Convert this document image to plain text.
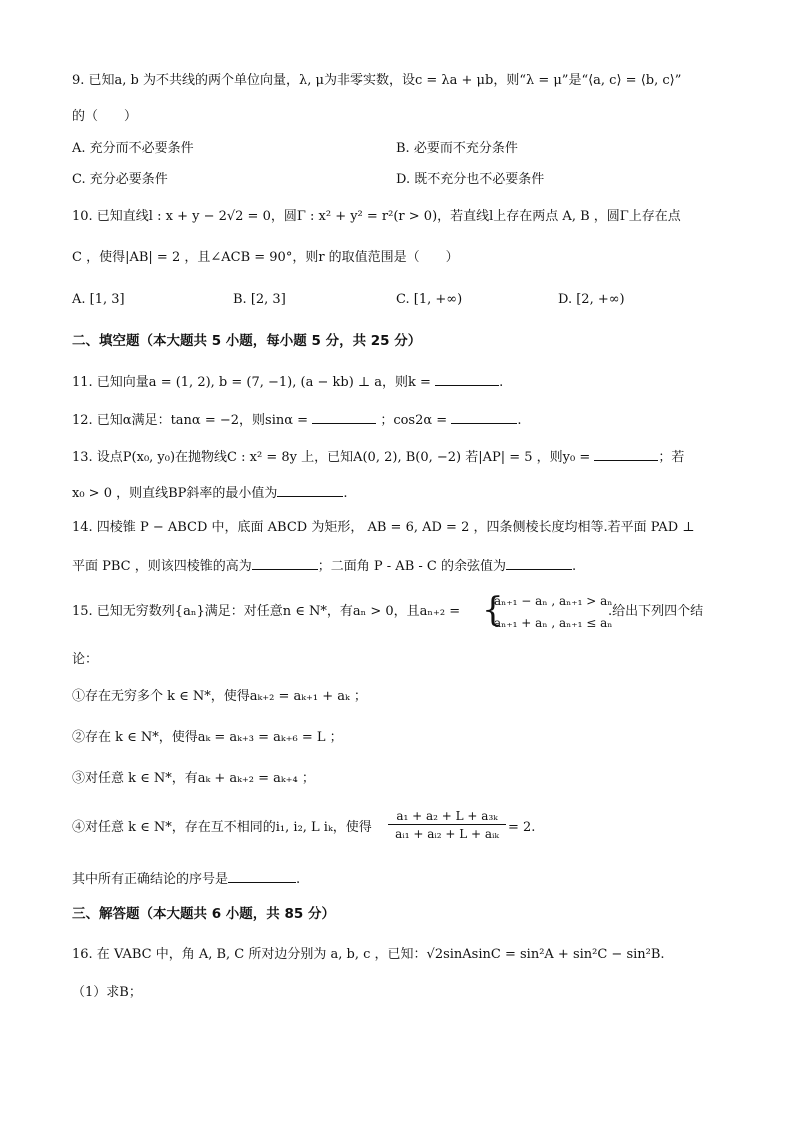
9. 已知a, b 为不共线的两个单位向量，λ, μ为非零实数，设c = λa + μb，则“λ = μ”是“⟨a, c⟩ = ⟨b, c⟩”
的（　　）
A. 充分而不必要条件	B. 必要而不充分条件
C. 充分必要条件	D. 既不充分也不必要条件
10. 已知直线l : x + y − 2√2 = 0，圆Γ : x² + y² = r²(r > 0)，若直线l上存在两点 A, B ，圆Γ上存在点
C ，使得|AB| = 2 ，且∠ACB = 90°，则r 的取值范围是（　　）
A. [1, 3]	B. [2, 3]	C. [1, +∞)	D. [2, +∞)
二、填空题（本大题共 5 小题，每小题 5 分，共 25 分）
11. 已知向量a = (1, 2), b = (7, −1), (a − kb) ⊥ a，则k =	.
12. 已知α满足：tanα = −2，则sinα =	；cos2α =	.
13. 设点P(x₀, y₀)在抛物线C : x² = 8y 上，已知A(0, 2), B(0, −2) 若|AP| = 5 ，则y₀ =	；若
x₀ > 0 ，则直线BP斜率的最小值为	.
14. 四棱锥 P − ABCD 中，底面 ABCD 为矩形， AB = 6, AD = 2 ，四条侧棱长度均相等.若平面 PAD ⊥
平面 PBC ，则该四棱锥的高为	；二面角 P - AB - C 的余弦值为	.
15. 已知无穷数列{aₙ}满足：对任意n ∈ N*，有aₙ > 0，且aₙ₊₂ = {
aₙ₊₁ − aₙ , aₙ₊₁ > aₙ
aₙ₊₁ + aₙ , aₙ₊₁ ≤ aₙ
.给出下列四个结
论：
①存在无穷多个 k ∈ N*，使得aₖ₊₂ = aₖ₊₁ + aₖ ；
②存在 k ∈ N*，使得aₖ = aₖ₊₃ = aₖ₊₆ = L ；
③对任意 k ∈ N*，有aₖ + aₖ₊₂ = aₖ₊₄ ；
④对任意 k ∈ N*，存在互不相同的i₁, i₂, L iₖ，使得
a₁ + a₂ + L + a₃ₖ
aᵢ₁ + aᵢ₂ + L + aᵢₖ = 2.
其中所有正确结论的序号是	.
三、解答题（本大题共 6 小题，共 85 分）
16. 在 VABC 中，角 A, B, C 所对边分别为 a, b, c ，已知：√2sinAsinC = sin²A + sin²C − sin²B.
（1）求B；
